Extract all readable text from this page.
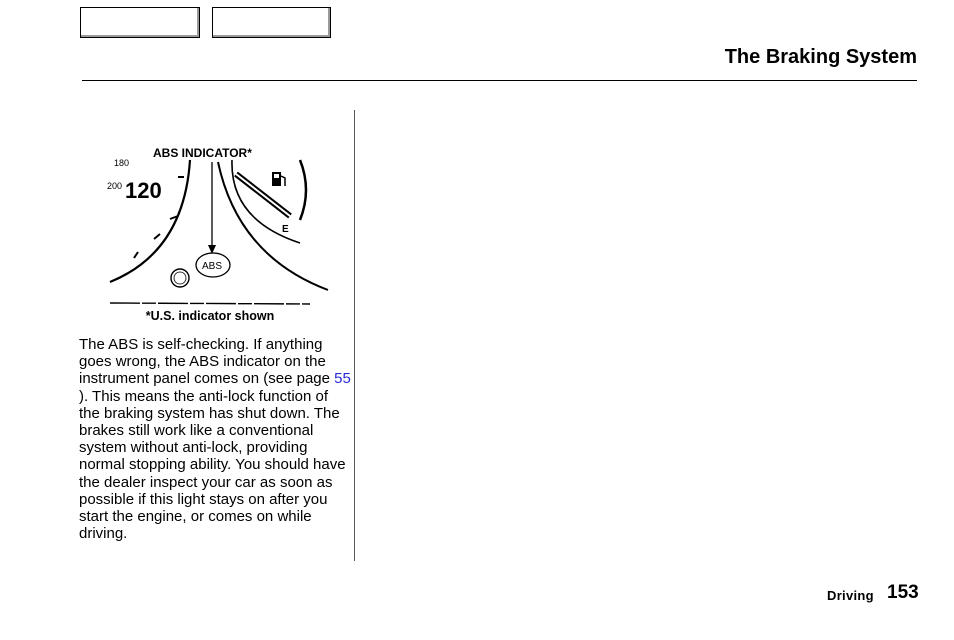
The Braking System
180
200 120
ABS INDICATOR*
E
ABS
*U.S. indicator shown

The ABS is self-checking. If anything goes wrong, the ABS indicator on the instrument panel comes on (see page 55 ). This means the anti-lock function of the braking system has shut down. The brakes still work like a conventional system without anti-lock, providing normal stopping ability. You should have the dealer inspect your car as soon as possible if this light stays on after you start the engine, or comes on while driving.

Driving 153
